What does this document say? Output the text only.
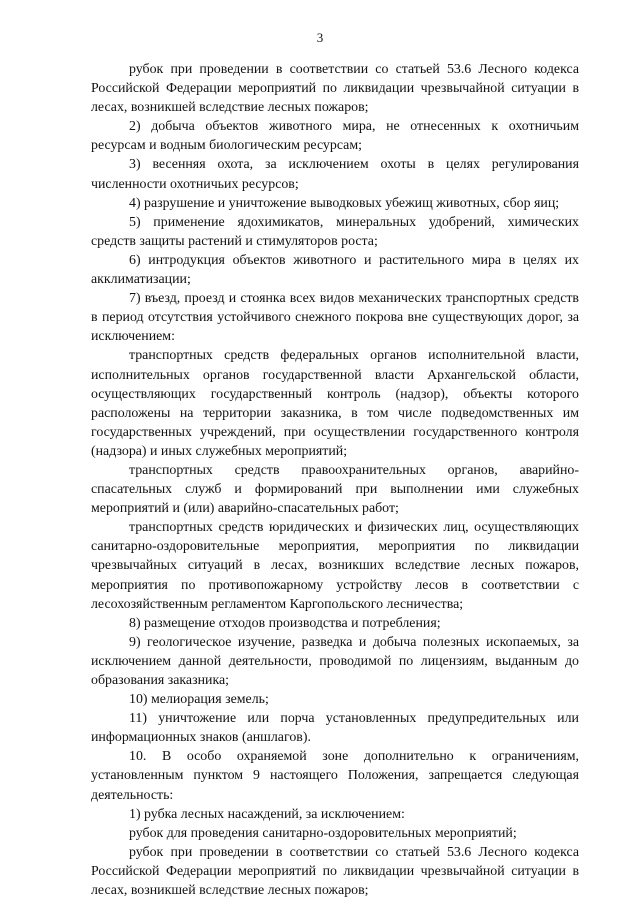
3

рубок при проведении в соответствии со статьей 53.6 Лесного кодекса Российской Федерации мероприятий по ликвидации чрезвычайной ситуации в лесах, возникшей вследствие лесных пожаров;

2) добыча объектов животного мира, не отнесенных к охотничьим ресурсам и водным биологическим ресурсам;

3) весенняя охота, за исключением охоты в целях регулирования численности охотничьих ресурсов;

4) разрушение и уничтожение выводковых убежищ животных, сбор яиц;

5) применение ядохимикатов, минеральных удобрений, химических средств защиты растений и стимуляторов роста;

6) интродукция объектов животного и растительного мира в целях их акклиматизации;

7) въезд, проезд и стоянка всех видов механических транспортных средств в период отсутствия устойчивого снежного покрова вне существующих дорог, за исключением:

транспортных средств федеральных органов исполнительной власти, исполнительных органов государственной власти Архангельской области, осуществляющих государственный контроль (надзор), объекты которого расположены на территории заказника, в том числе подведомственных им государственных учреждений, при осуществлении государственного контроля (надзора) и иных служебных мероприятий;

транспортных средств правоохранительных органов, аварийно-спасательных служб и формирований при выполнении ими служебных мероприятий и (или) аварийно-спасательных работ;

транспортных средств юридических и физических лиц, осуществляющих санитарно-оздоровительные мероприятия, мероприятия по ликвидации чрезвычайных ситуаций в лесах, возникших вследствие лесных пожаров, мероприятия по противопожарному устройству лесов в соответствии с лесохозяйственным регламентом Каргопольского лесничества;

8) размещение отходов производства и потребления;

9) геологическое изучение, разведка и добыча полезных ископаемых, за исключением данной деятельности, проводимой по лицензиям, выданным до образования заказника;

10) мелиорация земель;

11) уничтожение или порча установленных предупредительных или информационных знаков (аншлагов).

10. В особо охраняемой зоне дополнительно к ограничениям, установленным пунктом 9 настоящего Положения, запрещается следующая деятельность:

1) рубка лесных насаждений, за исключением:

рубок для проведения санитарно-оздоровительных мероприятий;

рубок при проведении в соответствии со статьей 53.6 Лесного кодекса Российской Федерации мероприятий по ликвидации чрезвычайной ситуации в лесах, возникшей вследствие лесных пожаров;
